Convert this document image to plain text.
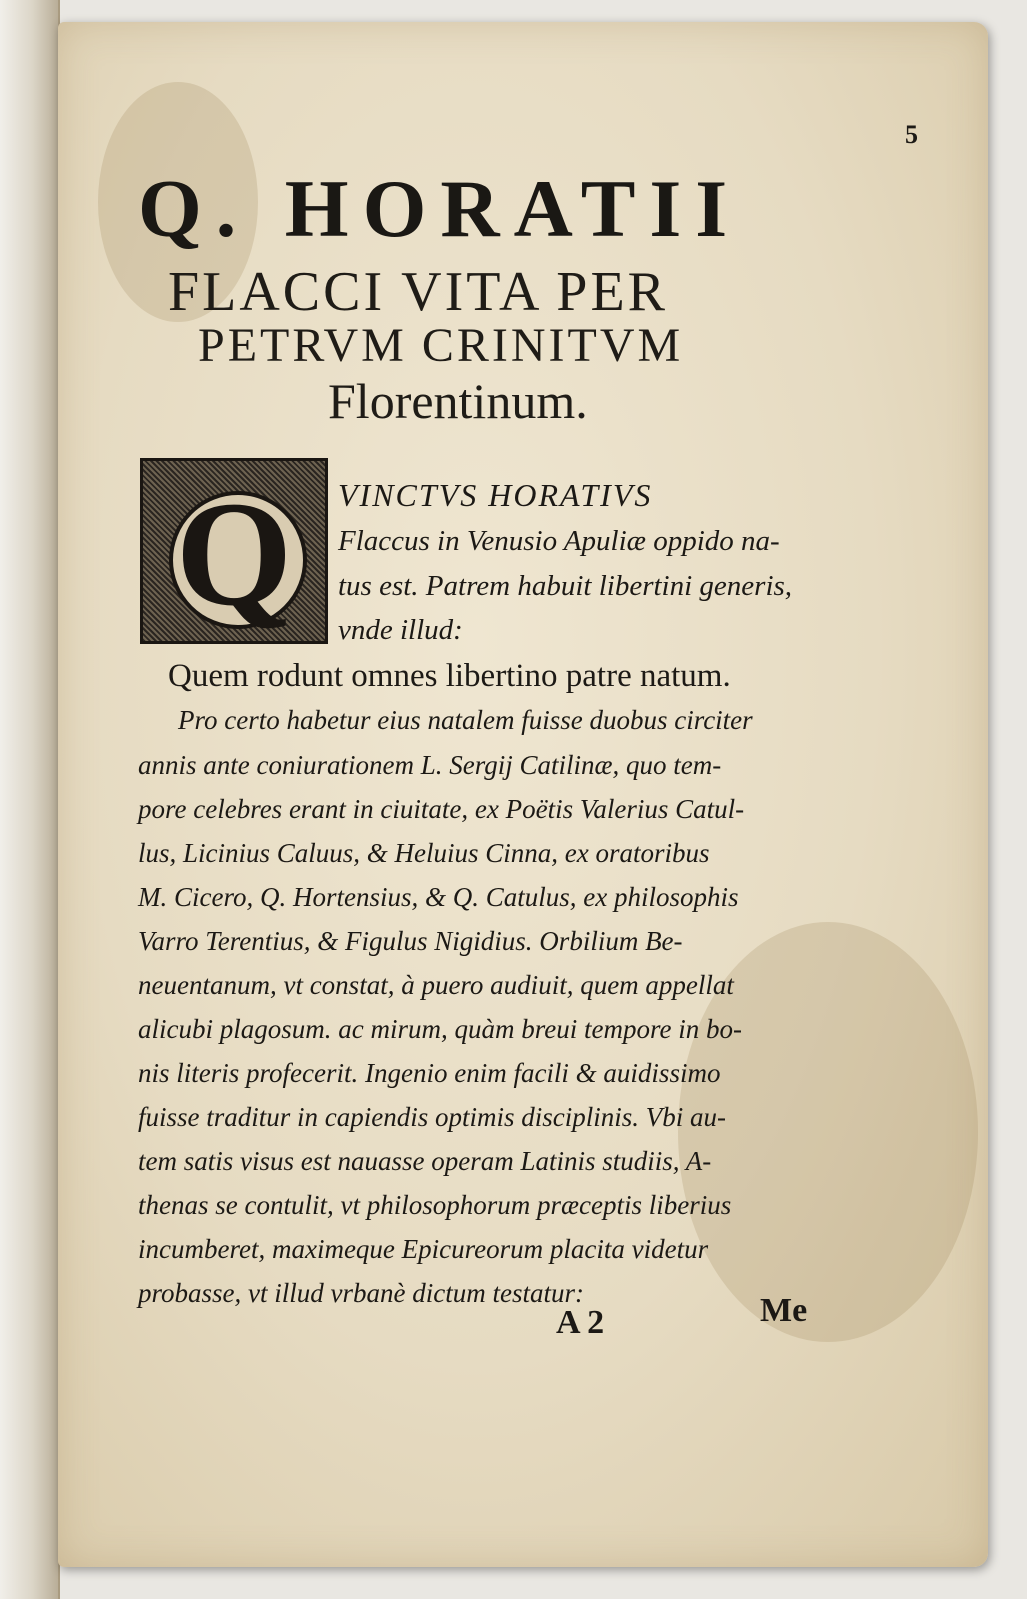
5
Q. HORATII
FLACCI VITA PER
PETRVM CRINITVM
Florentinum.
Q	VINCTVS HORATIVS
Flaccus in Venusio Apuliæ oppido na-
tus est. Patrem habuit libertini generis,
vnde illud:
Quem rodunt omnes libertino patre natum.
Pro certo habetur eius natalem fuisse duobus circiter
annis ante coniurationem L. Sergij Catilinæ, quo tem-
pore celebres erant in ciuitate, ex Poëtis Valerius Catul-
lus, Licinius Caluus, & Heluius Cinna, ex oratoribus
M. Cicero, Q. Hortensius, & Q. Catulus, ex philosophis
Varro Terentius, & Figulus Nigidius. Orbilium Be-
neuentanum, vt constat, à puero audiuit, quem appellat
alicubi plagosum. ac mirum, quàm breui tempore in bo-
nis literis profecerit. Ingenio enim facili & auidissimo
fuisse traditur in capiendis optimis disciplinis. Vbi au-
tem satis visus est nauasse operam Latinis studiis, A-
thenas se contulit, vt philosophorum præceptis liberius
incumberet, maximeque Epicureorum placita videtur
probasse, vt illud vrbanè dictum testatur:
A 2	Me
